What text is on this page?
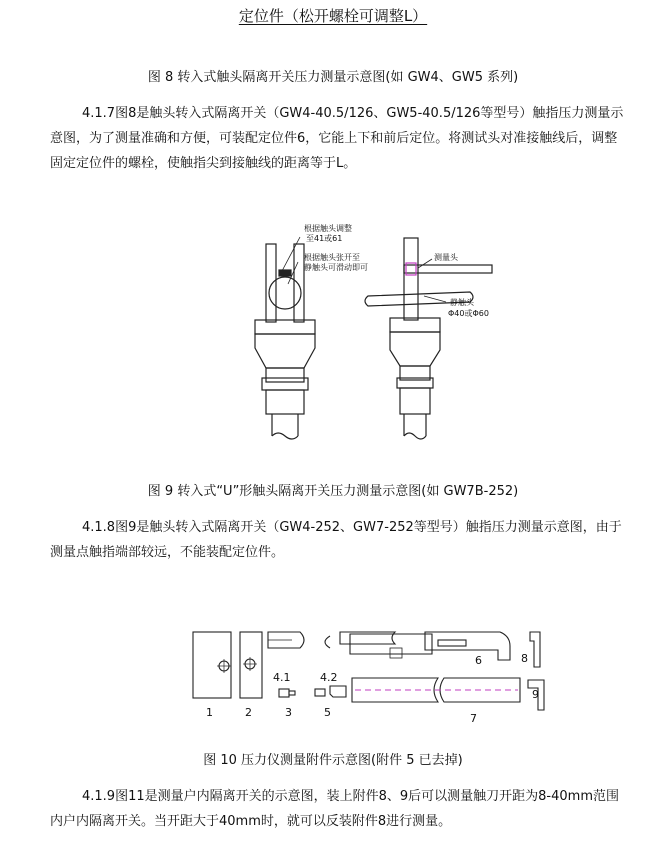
定位件（松开螺栓可调整L）
图 8 转入式触头隔离开关压力测量示意图(如 GW4、GW5 系列)
4.1.7图8是触头转入式隔离开关（GW4-40.5/126、GW5-40.5/126等型号）触指压力测量示意图，为了测量准确和方便，可装配定位件6，它能上下和前后定位。将测试头对准接触线后，调整固定定位件的螺栓，使触指尖到接触线的距离等于L。
根据触头调整
至41或61
根据触头张开至
静触头可滑动即可
测量头
静触头
Φ40或Φ60
图 9 转入式“U”形触头隔离开关压力测量示意图(如 GW7B-252)
4.1.8图9是触头转入式隔离开关（GW4-252、GW7-252等型号）触指压力测量示意图，由于测量点触指端部较远，不能装配定位件。
1	2	3
4.1	4.2
5
6
7
8
9
图 10 压力仪测量附件示意图(附件 5 已去掉)
4.1.9图11是测量户内隔离开关的示意图，装上附件8、9后可以测量触刀开距为8-40mm范围内户内隔离开关。当开距大于40mm时，就可以反装附件8进行测量。
